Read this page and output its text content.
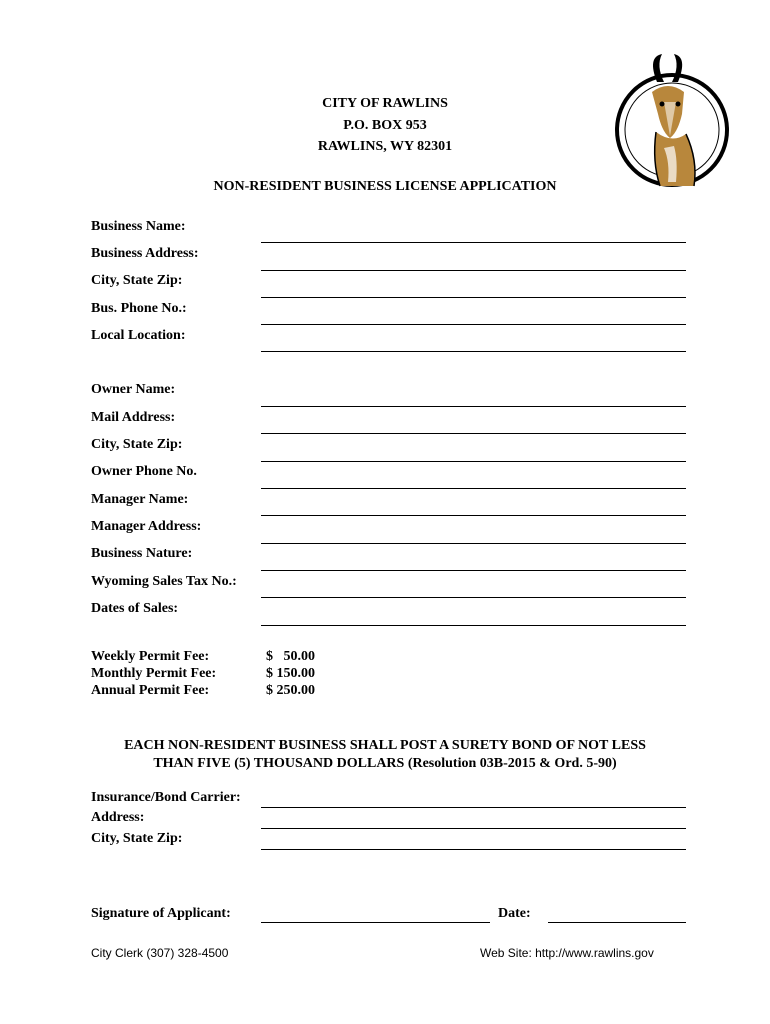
CITY OF RAWLINS
P.O. BOX 953
RAWLINS, WY 82301
NON-RESIDENT BUSINESS LICENSE APPLICATION
Business Name:
Business Address:
City, State Zip:
Bus. Phone No.:
Local Location:
Owner Name:
Mail Address:
City, State Zip:
Owner Phone No.
Manager Name:
Manager Address:
Business Nature:
Wyoming Sales Tax No.:
Dates of Sales:
Weekly Permit Fee:	$   50.00
Monthly Permit Fee:	$ 150.00
Annual Permit Fee:	$ 250.00
EACH NON-RESIDENT BUSINESS SHALL POST A SURETY BOND OF NOT LESS
THAN FIVE (5) THOUSAND DOLLARS (Resolution 03B-2015 & Ord. 5-90)
Insurance/Bond Carrier:
Address:
City, State Zip:
Signature of Applicant:	Date:
City Clerk (307) 328-4500	Web Site: http://www.rawlins.gov
